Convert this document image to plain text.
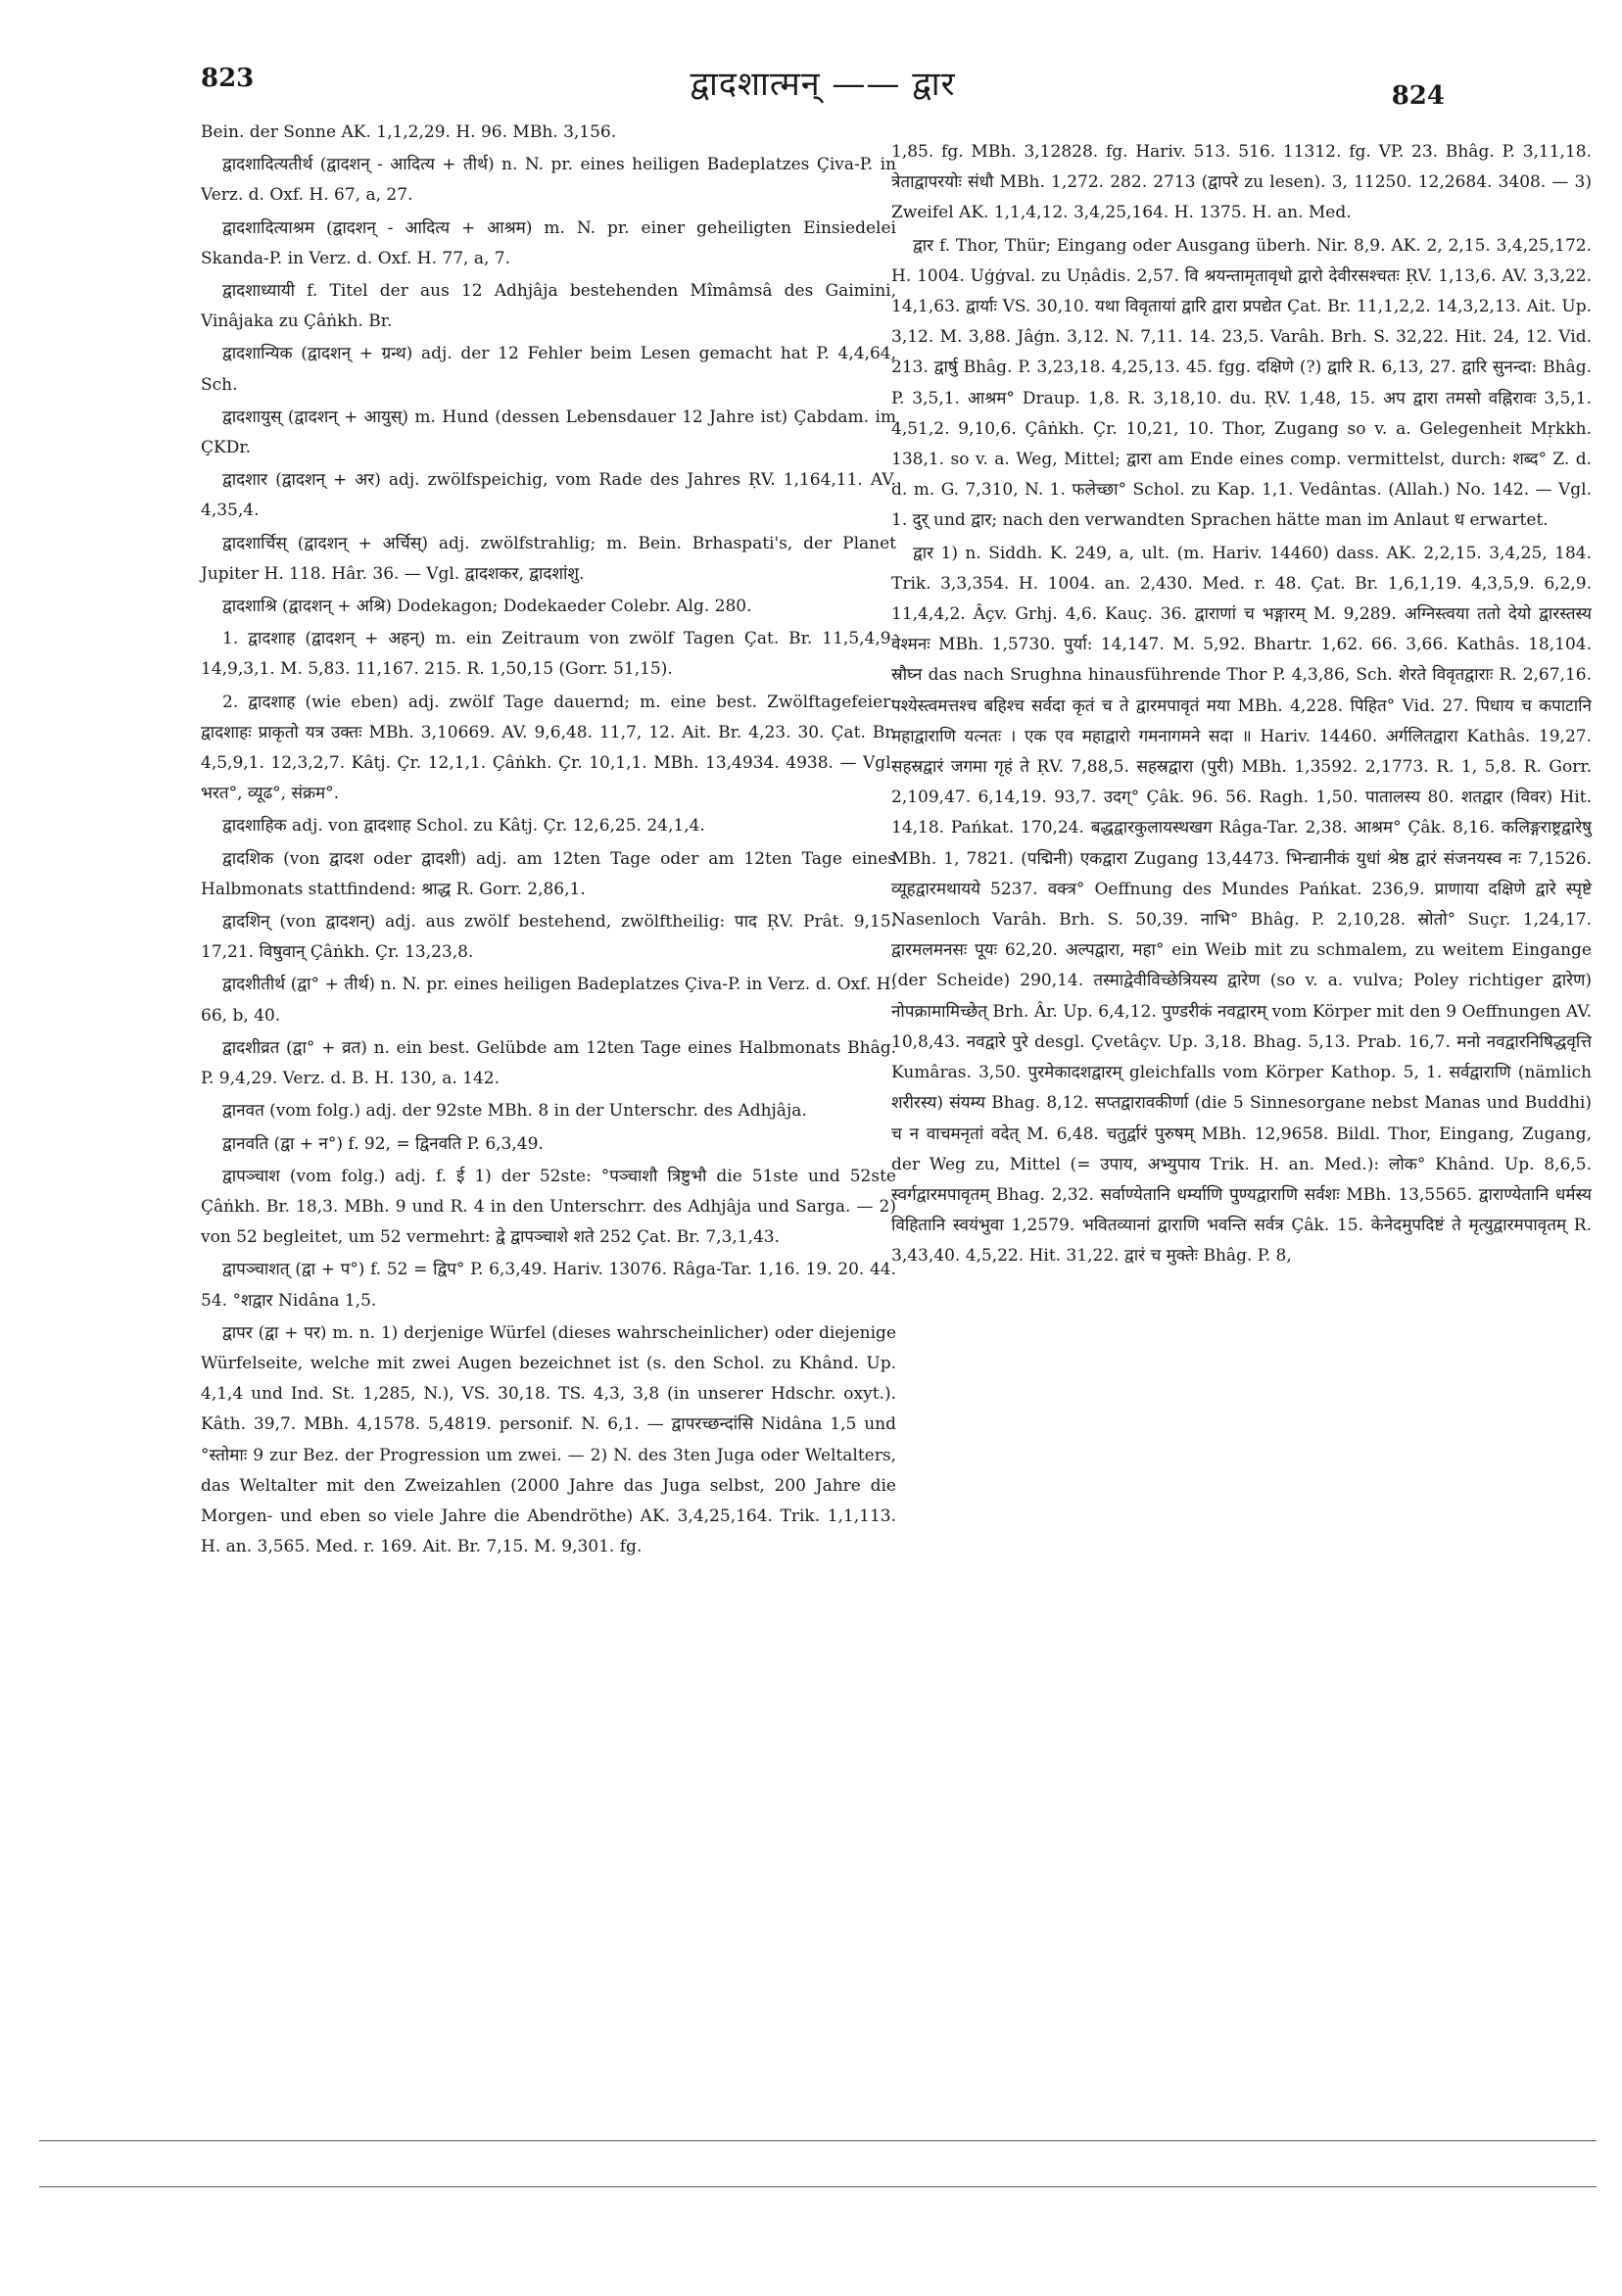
823	द्वादशात्मन् —— द्वार	824

Bein. der Sonne AK. 1,1,2,29. H. 96. MBh. 3,156.

द्वादशादित्यतीर्थ (द्वादशन् - आदित्य + तीर्थ) n. N. pr. eines heiligen Badeplatzes Çiva-P. in Verz. d. Oxf. H. 67, a, 27.

द्वादशादित्याश्रम (द्वादशन् - आदित्य + आश्रम) m. N. pr. einer geheiligten Einsiedelei Skanda-P. in Verz. d. Oxf. H. 77, a, 7.

द्वादशाध्यायी f. Titel der aus 12 Adhjâja bestehenden Mîmâmsâ des Gaimini, Vinâjaka zu Çâṅkh. Br.

द्वादशान्यिक (द्वादशन् + ग्रन्थ) adj. der 12 Fehler beim Lesen gemacht hat P. 4,4,64, Sch.

द्वादशायुस् (द्वादशन् + आयुस्) m. Hund (dessen Lebensdauer 12 Jahre ist) Çabdam. im ÇKDr.

द्वादशार (द्वादशन् + अर) adj. zwölfspeichig, vom Rade des Jahres ṚV. 1,164,11. AV. 4,35,4.

द्वादशार्चिस् (द्वादशन् + अर्चिस्) adj. zwölfstrahlig; m. Bein. Brhaspati's, der Planet Jupiter H. 118. Hâr. 36. — Vgl. द्वादशकर, द्वादशांशु.

द्वादशाश्रि (द्वादशन् + अश्रि) Dodekagon; Dodekaeder Colebr. Alg. 280.

1. द्वादशाह (द्वादशन् + अहन्) m. ein Zeitraum von zwölf Tagen Çat. Br. 11,5,4,9. 14,9,3,1. M. 5,83. 11,167. 215. R. 1,50,15 (Gorr. 51,15).

2. द्वादशाह (wie eben) adj. zwölf Tage dauernd; m. eine best. Zwölftagefeier: द्वादशाहः प्राकृतो यत्र उक्तः MBh. 3,10669. AV. 9,6,48. 11,7, 12. Ait. Br. 4,23. 30. Çat. Br. 4,5,9,1. 12,3,2,7. Kâtj. Çr. 12,1,1. Çâṅkh. Çr. 10,1,1. MBh. 13,4934. 4938. — Vgl. भरत°, व्यूढ°, संक्रम°.

द्वादशाहिक adj. von द्वादशाह Schol. zu Kâtj. Çr. 12,6,25. 24,1,4.

द्वादशिक (von द्वादश oder द्वादशी) adj. am 12ten Tage oder am 12ten Tage eines Halbmonats stattfindend: श्राद्ध R. Gorr. 2,86,1.

द्वादशिन् (von द्वादशन्) adj. aus zwölf bestehend, zwölftheilig: पाद ṚV. Prât. 9,15. 17,21. विषुवान् Çâṅkh. Çr. 13,23,8.

द्वादशीतीर्थ (द्वा° + तीर्थ) n. N. pr. eines heiligen Badeplatzes Çiva-P. in Verz. d. Oxf. H. 66, b, 40.

द्वादशीव्रत (द्वा° + व्रत) n. ein best. Gelübde am 12ten Tage eines Halbmonats Bhâg. P. 9,4,29. Verz. d. B. H. 130, a. 142.

द्वानवत (vom folg.) adj. der 92ste MBh. 8 in der Unterschr. des Adhjâja.

द्वानवति (द्वा + न°) f. 92, = द्विनवति P. 6,3,49.

द्वापञ्चाश (vom folg.) adj. f. ई 1) der 52ste: °पञ्चाशौ त्रिष्टुभौ die 51ste und 52ste Çâṅkh. Br. 18,3. MBh. 9 und R. 4 in den Unterschrr. des Adhjâja und Sarga. — 2) von 52 begleitet, um 52 vermehrt: द्वे द्वापञ्चाशे शते 252 Çat. Br. 7,3,1,43.

द्वापञ्चाशत् (द्वा + प°) f. 52 = द्विप° P. 6,3,49. Hariv. 13076. Râga-Tar. 1,16. 19. 20. 44. 54. °शद्वार Nidâna 1,5.

द्वापर (द्वा + पर) m. n. 1) derjenige Würfel (dieses wahrscheinlicher) oder diejenige Würfelseite, welche mit zwei Augen bezeichnet ist (s. den Schol. zu Khând. Up. 4,1,4 und Ind. St. 1,285, N.), VS. 30,18. TS. 4,3, 3,8 (in unserer Hdschr. oxyt.). Kâth. 39,7. MBh. 4,1578. 5,4819. personif. N. 6,1. — द्वापरच्छन्दांसि Nidâna 1,5 und °स्तोमाः 9 zur Bez. der Progression um zwei. — 2) N. des 3ten Juga oder Weltalters, das Weltalter mit den Zweizahlen (2000 Jahre das Juga selbst, 200 Jahre die Morgen- und eben so viele Jahre die Abendröthe) AK. 3,4,25,164. Trik. 1,1,113. H. an. 3,565. Med. r. 169. Ait. Br. 7,15. M. 9,301. fg.

1,85. fg. MBh. 3,12828. fg. Hariv. 513. 516. 11312. fg. VP. 23. Bhâg. P. 3,11,18. त्रेताद्वापरयोः संधौ MBh. 1,272. 282. 2713 (द्वापरे zu lesen). 3, 11250. 12,2684. 3408. — 3) Zweifel AK. 1,1,4,12. 3,4,25,164. H. 1375. H. an. Med.

द्वार f. Thor, Thür; Eingang oder Ausgang überh. Nir. 8,9. AK. 2, 2,15. 3,4,25,172. H. 1004. Uģģval. zu Uṇâdis. 2,57. वि श्रयन्तामृतावृधो द्वारो देवीरसश्चतः ṚV. 1,13,6. AV. 3,3,22. 14,1,63. द्वार्याः VS. 30,10. यथा विवृतायां द्वारि द्वारा प्रपद्येत Çat. Br. 11,1,2,2. 14,3,2,13. Ait. Up. 3,12. M. 3,88. Jâģn. 3,12. N. 7,11. 14. 23,5. Varâh. Brh. S. 32,22. Hit. 24, 12. Vid. 213. द्वार्षु Bhâg. P. 3,23,18. 4,25,13. 45. fgg. दक्षिणे (?) द्वारि R. 6,13, 27. द्वारि सुनन्दा: Bhâg. P. 3,5,1. आश्रम° Draup. 1,8. R. 3,18,10. du. ṚV. 1,48, 15. अप द्वारा तमसो वह्निरावः 3,5,1. 4,51,2. 9,10,6. Çâṅkh. Çr. 10,21, 10. Thor, Zugang so v. a. Gelegenheit Mṛkkh. 138,1. so v. a. Weg, Mittel; द्वारा am Ende eines comp. vermittelst, durch: शब्द° Z. d. d. m. G. 7,310, N. 1. फलेच्छा° Schol. zu Kap. 1,1. Vedântas. (Allah.) No. 142. — Vgl. 1. दुर् und द्वार; nach den verwandten Sprachen hätte man im Anlaut ध erwartet.

द्वार 1) n. Siddh. K. 249, a, ult. (m. Hariv. 14460) dass. AK. 2,2,15. 3,4,25, 184. Trik. 3,3,354. H. 1004. an. 2,430. Med. r. 48. Çat. Br. 1,6,1,19. 4,3,5,9. 6,2,9. 11,4,4,2. Âçv. Grhj. 4,6. Kauç. 36. द्वाराणां च भङ्गारम् M. 9,289. अग्निस्त्वया ततो देयो द्वारस्तस्य वेश्मनः MBh. 1,5730. पुर्या: 14,147. M. 5,92. Bhartr. 1,62. 66. 3,66. Kathâs. 18,104. स्रौघ्न das nach Srughna hinausführende Thor P. 4,3,86, Sch. शेरते विवृतद्वाराः R. 2,67,16. पश्येस्त्वमत्तश्च बहिश्च सर्वदा कृतं च ते द्वारमपावृतं मया MBh. 4,228. पिहित° Vid. 27. पिधाय च कपाटानि महाद्वाराणि यत्नतः । एक एव महाद्वारो गमनागमने सदा ॥ Hariv. 14460. अर्गलितद्वारा Kathâs. 19,27. सहस्रद्वारं जगमा गृहं ते ṚV. 7,88,5. सहस्रद्वारा (पुरी) MBh. 1,3592. 2,1773. R. 1, 5,8. R. Gorr. 2,109,47. 6,14,19. 93,7. उदग्° Çâk. 96. 56. Ragh. 1,50. पातालस्य 80. शतद्वार (विवर) Hit. 14,18. Pańkat. 170,24. बद्धद्वारकुलायस्थखग Râga-Tar. 2,38. आश्रम° Çâk. 8,16. कलिङ्गराष्ट्रद्वारेषु MBh. 1, 7821. (पद्मिनी) एकद्वारा Zugang 13,4473. भिन्द्यानीकं युधां श्रेष्ठ द्वारं संजनयस्व नः 7,1526. व्यूहद्वारमथायये 5237. वक्त्र° Oeffnung des Mundes Pańkat. 236,9. प्राणाया दक्षिणे द्वारे स्पृष्टे Nasenloch Varâh. Brh. S. 50,39. नाभि° Bhâg. P. 2,10,28. स्रोतो° Suçr. 1,24,17. द्वारमलमनसः पूयः 62,20. अल्पद्वारा, महा° ein Weib mit zu schmalem, zu weitem Eingange (der Scheide) 290,14. तस्माद्वेवीविच्छेत्रियस्य द्वारेण (so v. a. vulva; Poley richtiger द्वारेण) नोपक्रामामिच्छेत् Brh. Âr. Up. 6,4,12. पुण्डरीकं नवद्वारम् vom Körper mit den 9 Oeffnungen AV. 10,8,43. नवद्वारे पुरे desgl. Çvetâçv. Up. 3,18. Bhag. 5,13. Prab. 16,7. मनो नवद्वारनिषिद्धवृत्ति Kumâras. 3,50. पुरमेकादशद्वारम् gleichfalls vom Körper Kathop. 5, 1. सर्वद्वाराणि (nämlich शरीरस्य) संयम्य Bhag. 8,12. सप्तद्वारावकीर्णा (die 5 Sinnesorgane nebst Manas und Buddhi) च न वाचमनृतां वदेत् M. 6,48. चतुर्द्वारं पुरुषम् MBh. 12,9658. Bildl. Thor, Eingang, Zugang, der Weg zu, Mittel (= उपाय, अभ्युपाय Trik. H. an. Med.): लोक° Khând. Up. 8,6,5. स्वर्गद्वारमपावृतम् Bhag. 2,32. सर्वाण्येतानि धर्म्याणि पुण्यद्वाराणि सर्वशः MBh. 13,5565. द्वाराण्येतानि धर्मस्य विहितानि स्वयंभुवा 1,2579. भवितव्यानां द्वाराणि भवन्ति सर्वत्र Çâk. 15. केनेदमुपदिष्टं ते मृत्युद्वारमपावृतम् R. 3,43,40. 4,5,22. Hit. 31,22. द्वारं च मुक्तेः Bhâg. P. 8,
